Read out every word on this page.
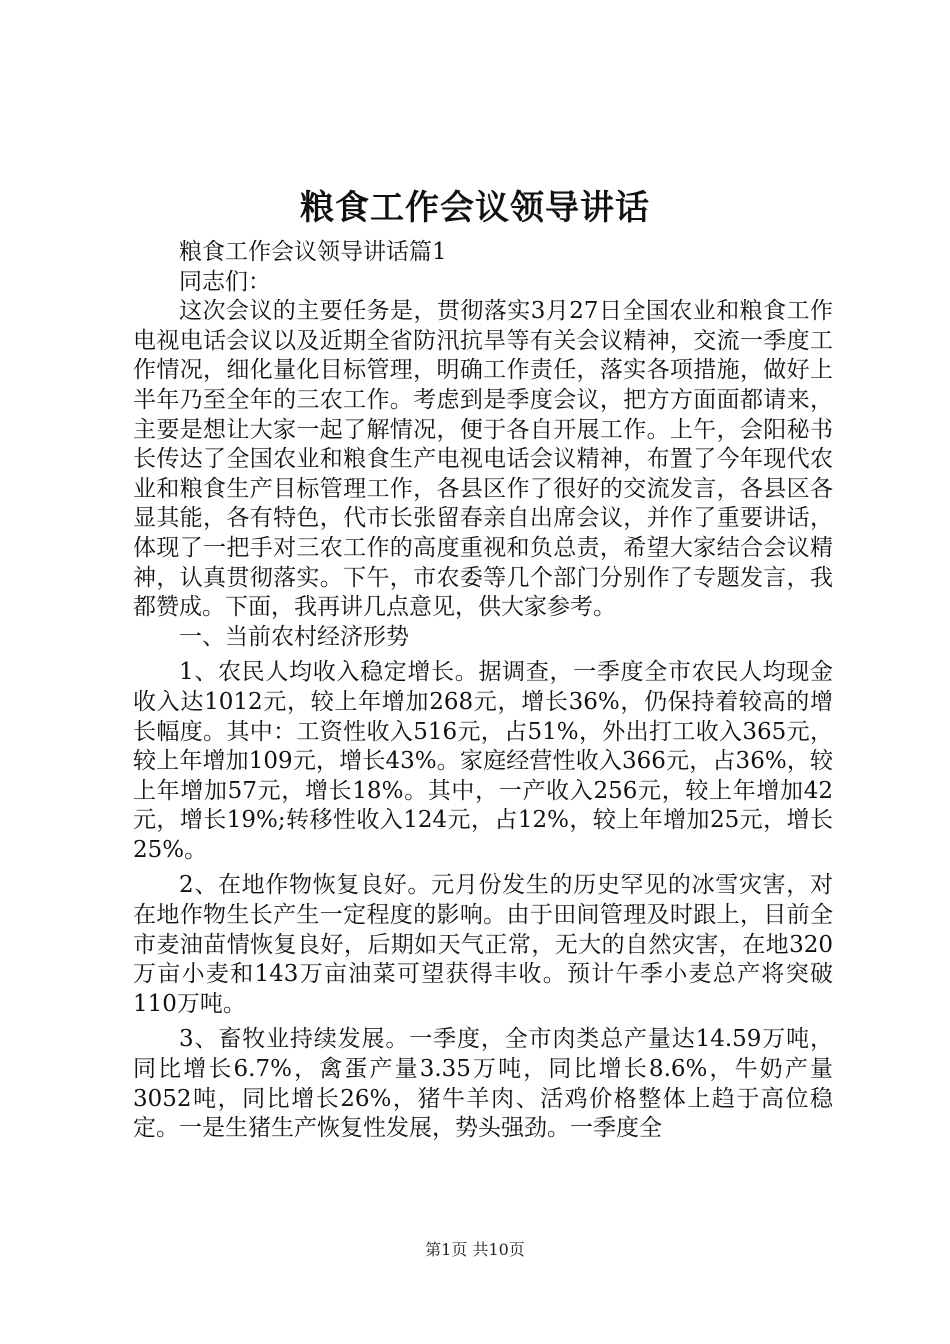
粮食工作会议领导讲话

粮食工作会议领导讲话篇1

同志们：

这次会议的主要任务是，贯彻落实3月27日全国农业和粮食工作电视电话会议以及近期全省防汛抗旱等有关会议精神，交流一季度工作情况，细化量化目标管理，明确工作责任，落实各项措施，做好上半年乃至全年的三农工作。考虑到是季度会议，把方方面面都请来，主要是想让大家一起了解情况，便于各自开展工作。上午，会阳秘书长传达了全国农业和粮食生产电视电话会议精神，布置了今年现代农业和粮食生产目标管理工作，各县区作了很好的交流发言，各县区各显其能，各有特色，代市长张留春亲自出席会议，并作了重要讲话，体现了一把手对三农工作的高度重视和负总责，希望大家结合会议精神，认真贯彻落实。下午，市农委等几个部门分别作了专题发言，我都赞成。下面，我再讲几点意见，供大家参考。

一、当前农村经济形势

1、农民人均收入稳定增长。据调查，一季度全市农民人均现金收入达1012元，较上年增加268元，增长36%，仍保持着较高的增长幅度。其中：工资性收入516元，占51%，外出打工收入365元，较上年增加109元，增长43%。家庭经营性收入366元，占36%，较上年增加57元，增长18%。其中，一产收入256元，较上年增加42元，增长19%;转移性收入124元，占12%，较上年增加25元，增长25%。

2、在地作物恢复良好。元月份发生的历史罕见的冰雪灾害，对在地作物生长产生一定程度的影响。由于田间管理及时跟上，目前全市麦油苗情恢复良好，后期如天气正常，无大的自然灾害，在地320万亩小麦和143万亩油菜可望获得丰收。预计午季小麦总产将突破110万吨。

3、畜牧业持续发展。一季度，全市肉类总产量达14.59万吨，同比增长6.7%，禽蛋产量3.35万吨，同比增长8.6%，牛奶产量3052吨，同比增长26%，猪牛羊肉、活鸡价格整体上趋于高位稳定。一是生猪生产恢复性发展，势头强劲。一季度全

第1页 共10页
